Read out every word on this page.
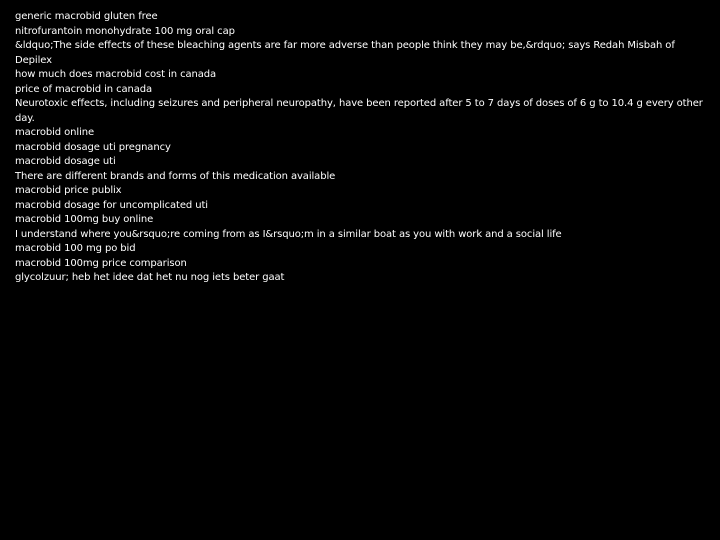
generic macrobid gluten free
nitrofurantoin monohydrate 100 mg oral cap
&ldquo;The side effects of these bleaching agents are far more adverse than people think they may be,&rdquo; says Redah Misbah of Depilex
how much does macrobid cost in canada
price of macrobid in canada
Neurotoxic effects, including seizures and peripheral neuropathy, have been reported after 5 to 7 days of doses of 6 g to 10.4 g every other day.
macrobid online
macrobid dosage uti pregnancy
macrobid dosage uti
There are different brands and forms of this medication available
macrobid price publix
macrobid dosage for uncomplicated uti
macrobid 100mg buy online
I understand where you&rsquo;re coming from as I&rsquo;m in a similar boat as you with work and a social life
macrobid 100 mg po bid
macrobid 100mg price comparison
glycolzuur; heb het idee dat het nu nog iets beter gaat
